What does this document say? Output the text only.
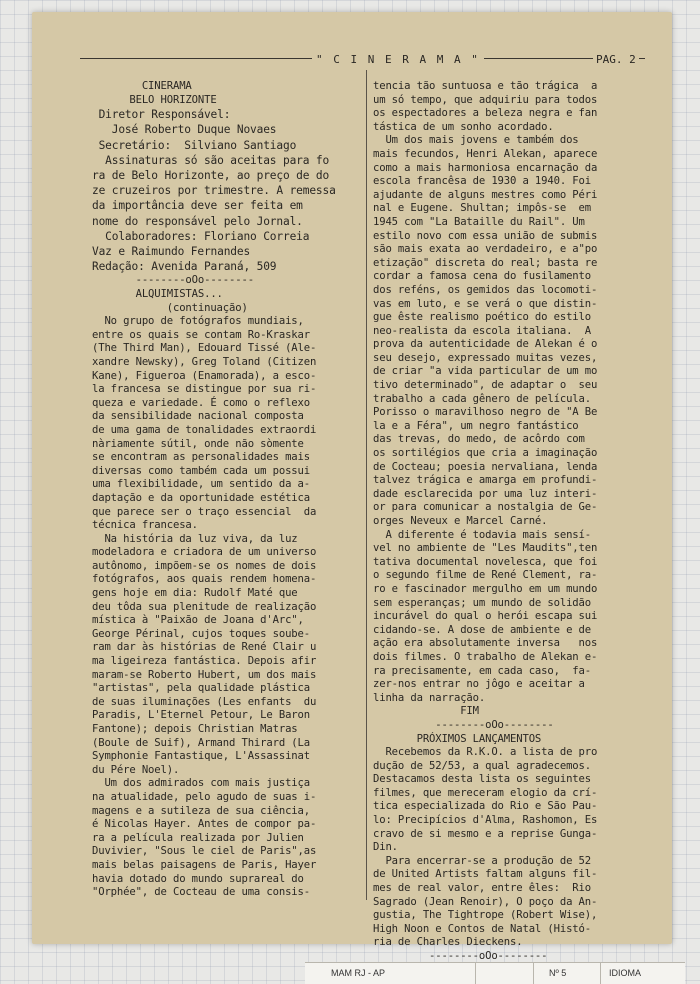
" C I N E R A M A "	PAG. 2
CINERAMA
BELO HORIZONTE
Diretor Responsável:
José Roberto Duque Novaes
Secretário:  Silviano Santiago
Assinaturas só são aceitas para fo
ra de Belo Horizonte, ao preço de do
ze cruzeiros por trimestre. A remessa
da importância deve ser feita em
nome do responsável pelo Jornal.
Colaboradores: Floriano Correia
Vaz e Raimundo Fernandes
Redação: Avenida Paraná, 509
--------oOo--------
ALQUIMISTAS...
(continuação)
No grupo de fotógrafos mundiais,
entre os quais se contam Ro-Kraskar
(The Third Man), Edouard Tissé (Ale-
xandre Newsky), Greg Toland (Citizen
Kane), Figueroa (Enamorada), a esco-
la francesa se distingue por sua ri-
queza e variedade. É como o reflexo
da sensibilidade nacional composta
de uma gama de tonalidades extraordi
nàriamente sútil, onde não sòmente
se encontram as personalidades mais
diversas como também cada um possui
uma flexibilidade, um sentido da a-
daptação e da oportunidade estética
que parece ser o traço essencial  da
técnica francesa.
Na história da luz viva, da luz
modeladora e criadora de um universo
autônomo, impõem-se os nomes de dois
fotógrafos, aos quais rendem homena-
gens hoje em dia: Rudolf Maté que
deu tôda sua plenitude de realização
mística à "Paixão de Joana d'Arc",
George Périnal, cujos toques soube-
ram dar às histórias de René Clair u
ma ligeireza fantástica. Depois afir
maram-se Roberto Hubert, um dos mais
"artistas", pela qualidade plástica
de suas iluminações (Les enfants  du
Paradis, L'Eternel Petour, Le Baron
Fantone); depois Christian Matras
(Boule de Suif), Armand Thirard (La
Symphonie Fantastique, L'Assassinat
du Pére Noel).
Um dos admirados com mais justiça
na atualidade, pelo agudo de suas i-
magens e a sutileza de sua ciência,
é Nicolas Hayer. Antes de compor pa-
ra a película realizada por Julien
Duvivier, "Sous le ciel de Paris",as
mais belas paisagens de Paris, Hayer
havia dotado do mundo suprareal do
"Orphée", de Cocteau de uma consis-
tencia tão suntuosa e tão trágica  a
um só tempo, que adquiriu para todos
os espectadores a beleza negra e fan
tástica de um sonho acordado.
Um dos mais jovens e também dos
mais fecundos, Henri Alekan, aparece
como a mais harmoniosa encarnação da
escola francêsa de 1930 a 1940. Foi
ajudante de alguns mestres como Péri
nal e Eugene. Shultan; impôs-se  em
1945 com "La Bataille du Rail". Um
estilo novo com essa união de submis
são mais exata ao verdadeiro, e a"po
etização" discreta do real; basta re
cordar a famosa cena do fusilamento
dos reféns, os gemidos das locomoti-
vas em luto, e se verá o que distin-
gue êste realismo poético do estilo
neo-realista da escola italiana.  A
prova da autenticidade de Alekan é o
seu desejo, expressado muitas vezes,
de criar "a vida particular de um mo
tivo determinado", de adaptar o  seu
trabalho a cada gênero de película.
Porisso o maravilhoso negro de "A Be
la e a Féra", um negro fantástico
das trevas, do medo, de acôrdo com
os sortilégios que cria a imaginação
de Cocteau; poesia nervaliana, lenda
talvez trágica e amarga em profundi-
dade esclarecida por uma luz interi-
or para comunicar a nostalgia de Ge-
orges Neveux e Marcel Carné.
A diferente é todavia mais sensí-
vel no ambiente de "Les Maudits",ten
tativa documental novelesca, que foi
o segundo filme de René Clement, ra-
ro e fascinador mergulho em um mundo
sem esperanças; um mundo de solidão
incurável do qual o herói escapa sui
cidando-se. A dose de ambiente e de
ação era absolutamente inversa   nos
dois filmes. O trabalho de Alekan e-
ra precisamente, em cada caso,  fa-
zer-nos entrar no jôgo e aceitar a
linha da narração.
FIM
--------oOo--------
PRÓXIMOS LANÇAMENTOS
Recebemos da R.K.O. a lista de pro
dução de 52/53, a qual agradecemos.
Destacamos desta lista os seguintes
filmes, que mereceram elogio da crí-
tica especializada do Rio e São Pau-
lo: Precipícios d'Alma, Rashomon, Es
cravo de si mesmo e a reprise Gunga-
Din.
Para encerrar-se a produção de 52
de United Artists faltam alguns fil-
mes de real valor, entre êles:  Rio
Sagrado (Jean Renoir), O poço da An-
gustia, The Tightrope (Robert Wise),
High Noon e Contos de Natal (Histó-
ria de Charles Dieckens.
--------oOo--------
MAM RJ - AP	Nº 5	IDIOMA
